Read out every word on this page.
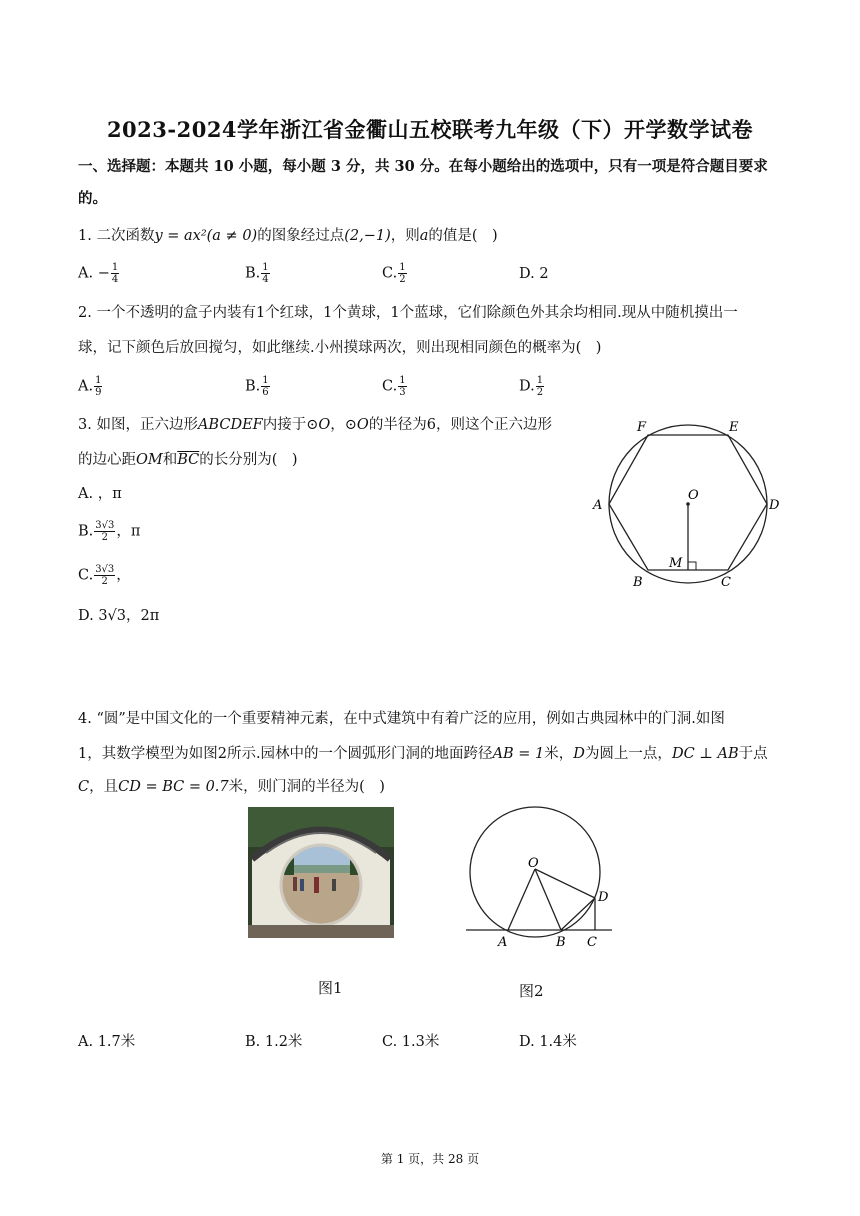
2023-2024学年浙江省金衢山五校联考九年级（下）开学数学试卷
一、选择题：本题共 10 小题，每小题 3 分，共 30 分。在每小题给出的选项中，只有一项是符合题目要求
的。
1. 二次函数y = ax²(a ≠ 0)的图象经过点(2,−1)，则a的值是(　)
A. − $\frac{1}{4}$	B. $\frac{1}{4}$	C. $\frac{1}{2}$	D. 2
2. 一个不透明的盒子内装有1个红球，1个黄球，1个蓝球，它们除颜色外其余均相同.现从中随机摸出一
球，记下颜色后放回搅匀，如此继续.小州摸球两次，则出现相同颜色的概率为(　)
A. $\frac{1}{9}$	B. $\frac{1}{6}$	C. $\frac{1}{3}$	D. $\frac{1}{2}$
3. 如图，正六边形ABCDEF内接于⊙O，⊙O的半径为6，则这个正六边形
的边心距OM和$\overline{BC}$的长分别为(　)
A. ，π
B. $\frac{3√3}{2}$ ，π
C. $\frac{3√3}{2}$ ，
D. 3√3，2π
F	E
A	D
O
M
B	C
4. “圆”是中国文化的一个重要精神元素，在中式建筑中有着广泛的应用，例如古典园林中的门洞.如图
1，其数学模型为如图2所示.园林中的一个圆弧形门洞的地面跨径AB = 1米，D为圆上一点，DC ⊥ AB于点
C，且CD = BC = 0.7米，则门洞的半径为(　)
O
D
A	B C
图1	图2
A. 1.7米	B. 1.2米	C. 1.3米	D. 1.4米
第 1 页，共 28 页
